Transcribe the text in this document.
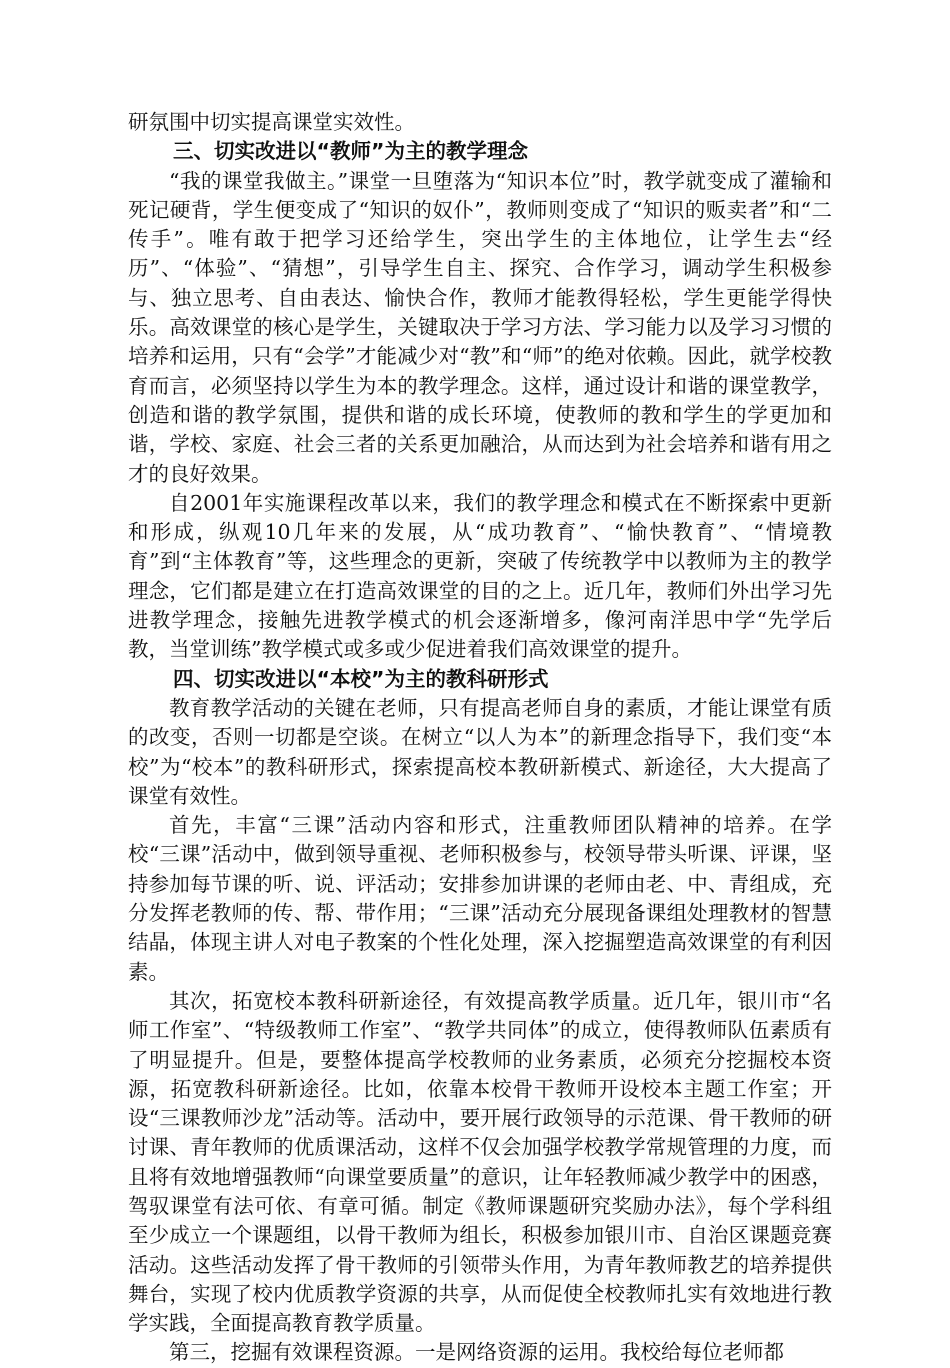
研氛围中切实提高课堂实效性。

三、切实改进以“教师”为主的教学理念

“我的课堂我做主。”课堂一旦堕落为“知识本位”时，教学就变成了灌输和死记硬背，学生便变成了“知识的奴仆”，教师则变成了“知识的贩卖者”和“二传手”。唯有敢于把学习还给学生，突出学生的主体地位，让学生去“经历”、“体验”、“猜想”，引导学生自主、探究、合作学习，调动学生积极参与、独立思考、自由表达、愉快合作，教师才能教得轻松，学生更能学得快乐。高效课堂的核心是学生，关键取决于学习方法、学习能力以及学习习惯的培养和运用，只有“会学”才能减少对“教”和“师”的绝对依赖。因此，就学校教育而言，必须坚持以学生为本的教学理念。这样，通过设计和谐的课堂教学，创造和谐的教学氛围，提供和谐的成长环境，使教师的教和学生的学更加和谐，学校、家庭、社会三者的关系更加融洽，从而达到为社会培养和谐有用之才的良好效果。

自2001年实施课程改革以来，我们的教学理念和模式在不断探索中更新和形成，纵观10几年来的发展，从“成功教育”、“愉快教育”、“情境教育”到“主体教育”等，这些理念的更新，突破了传统教学中以教师为主的教学理念，它们都是建立在打造高效课堂的目的之上。近几年，教师们外出学习先进教学理念，接触先进教学模式的机会逐渐增多，像河南洋思中学“先学后教，当堂训练”教学模式或多或少促进着我们高效课堂的提升。

四、切实改进以“本校”为主的教科研形式

教育教学活动的关键在老师，只有提高老师自身的素质，才能让课堂有质的改变，否则一切都是空谈。在树立“以人为本”的新理念指导下，我们变“本校”为“校本”的教科研形式，探索提高校本教研新模式、新途径，大大提高了课堂有效性。

首先，丰富“三课”活动内容和形式，注重教师团队精神的培养。在学校“三课”活动中，做到领导重视、老师积极参与，校领导带头听课、评课，坚持参加每节课的听、说、评活动；安排参加讲课的老师由老、中、青组成，充分发挥老教师的传、帮、带作用；“三课”活动充分展现备课组处理教材的智慧结晶，体现主讲人对电子教案的个性化处理，深入挖掘塑造高效课堂的有利因素。

其次，拓宽校本教科研新途径，有效提高教学质量。近几年，银川市“名师工作室”、“特级教师工作室”、“教学共同体”的成立，使得教师队伍素质有了明显提升。但是，要整体提高学校教师的业务素质，必须充分挖掘校本资源，拓宽教科研新途径。比如，依靠本校骨干教师开设校本主题工作室；开设“三课教师沙龙”活动等。活动中，要开展行政领导的示范课、骨干教师的研讨课、青年教师的优质课活动，这样不仅会加强学校教学常规管理的力度，而且将有效地增强教师“向课堂要质量”的意识，让年轻教师减少教学中的困惑，驾驭课堂有法可依、有章可循。制定《教师课题研究奖励办法》，每个学科组至少成立一个课题组，以骨干教师为组长，积极参加银川市、自治区课题竞赛活动。这些活动发挥了骨干教师的引领带头作用，为青年教师教艺的培养提供舞台，实现了校内优质教学资源的共享，从而促使全校教师扎实有效地进行教学实践，全面提高教育教学质量。

第三，挖掘有效课程资源。一是网络资源的运用。我校给每位老师都
